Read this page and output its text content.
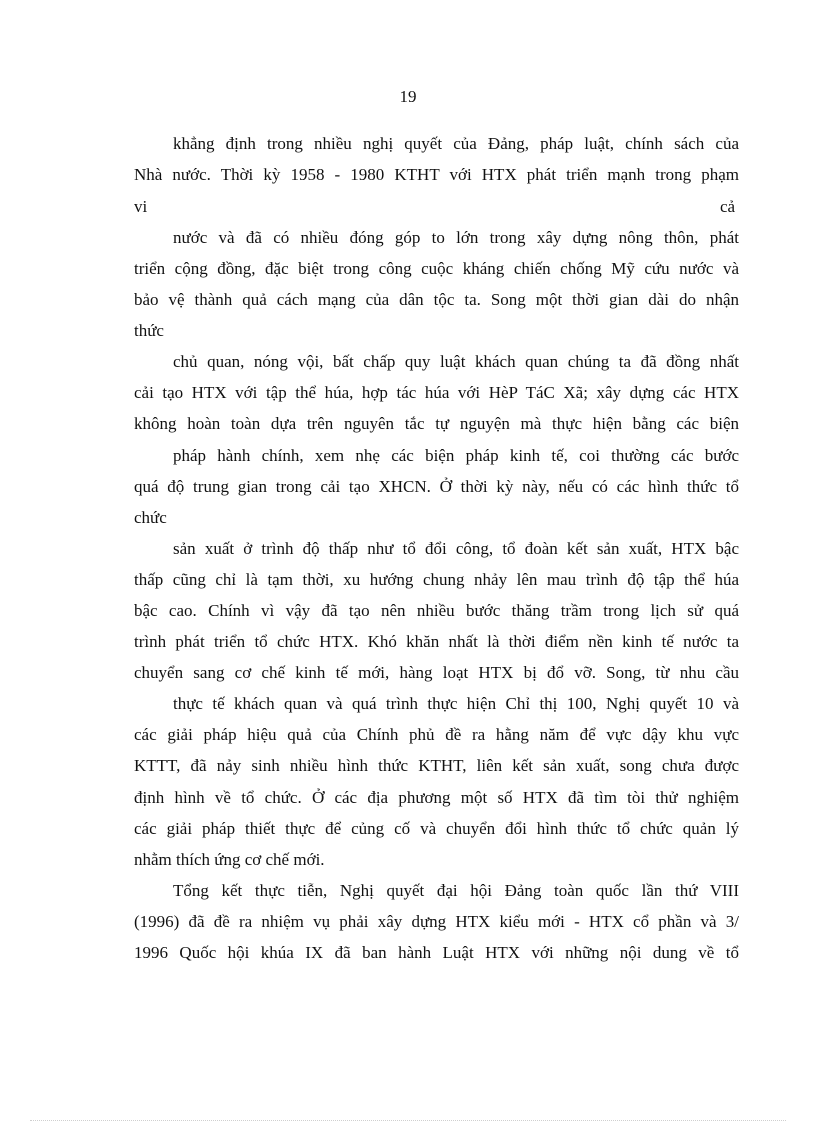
19
khẳng định trong nhiều nghị quyết của Đảng, pháp luật, chính sách của
Nhà nước. Thời kỳ 1958 - 1980 KTHT với HTX phát triển mạnh trong phạm
vi	cả
nước và đã có nhiều đóng góp to lớn trong xây dựng nông thôn, phát
triển cộng đồng, đặc biệt trong công cuộc kháng chiến chống Mỹ cứu nước và
bảo vệ thành quả cách mạng của dân tộc ta. Song một thời gian dài do nhận
thức
chủ quan, nóng vội, bất chấp quy luật khách quan chúng ta đã đồng nhất
cải tạo HTX với tập thể húa, hợp tác húa với HèP TáC Xã; xây dựng các HTX
không hoàn toàn dựa trên nguyên tắc tự nguyện mà thực hiện bằng các biện
pháp hành chính, xem nhẹ các biện pháp kinh tế, coi thường các bước
quá độ trung gian trong cải tạo XHCN. Ở thời kỳ này, nếu có các hình thức tổ
chức
sản xuất ở trình độ thấp như tổ đổi công, tổ đoàn kết sản xuất, HTX bậc
thấp cũng chỉ là tạm thời, xu hướng chung nhảy lên mau trình độ tập thể húa
bậc cao. Chính vì vậy đã tạo nên nhiều bước thăng trầm trong lịch sử quá
trình phát triển tổ chức HTX. Khó khăn nhất là thời điểm nền kinh tế nước ta
chuyển sang cơ chế kinh tế mới, hàng loạt HTX bị đổ vỡ. Song, từ nhu cầu
thực tế khách quan và quá trình thực hiện Chỉ thị 100, Nghị quyết 10 và
các giải pháp hiệu quả của Chính phủ đề ra hằng năm để vực dậy khu vực
KTTT, đã nảy sinh nhiều hình thức KTHT, liên kết sản xuất, song chưa được
định hình về tổ chức. Ở các địa phương một số HTX đã tìm tòi thử nghiệm
các giải pháp thiết thực để củng cố và chuyển đổi hình thức tổ chức quản lý
nhằm thích ứng cơ chế mới.
Tổng kết thực tiễn, Nghị quyết đại hội Đảng toàn quốc lần thứ VIII
(1996) đã đề ra nhiệm vụ phải xây dựng HTX kiểu mới - HTX cổ phần và 3/
1996 Quốc hội khúa IX đã ban hành Luật HTX với những nội dung về tổ
